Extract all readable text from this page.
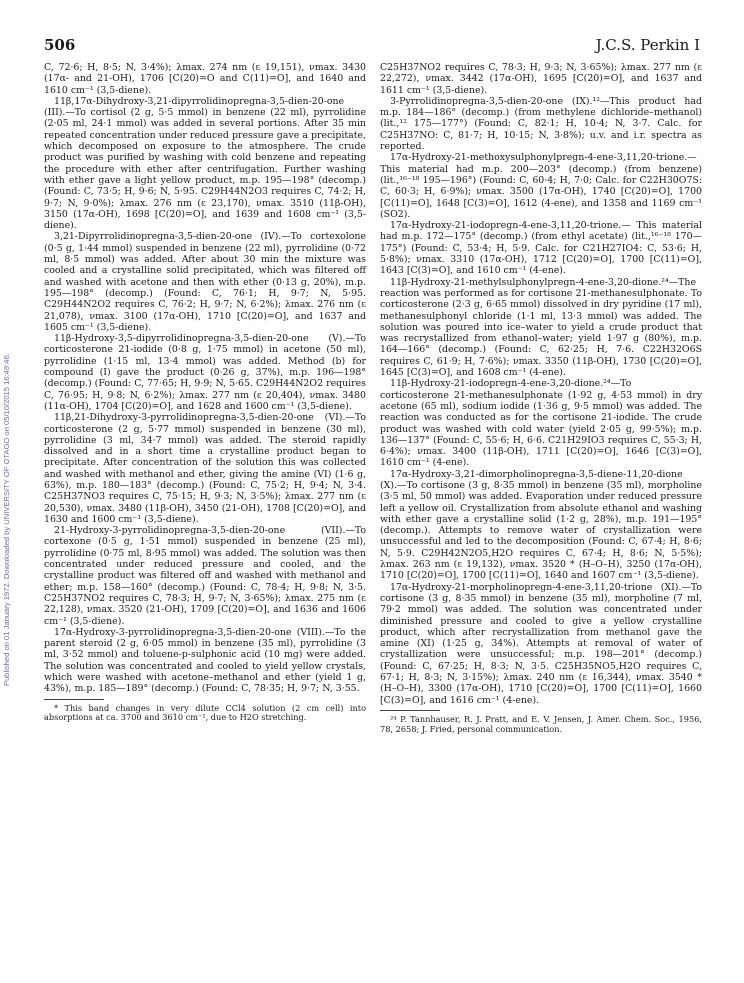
506	J.C.S. Perkin I
Published on 01 January 1972. Downloaded by UNIVERSITY OF OTAGO on 05/10/2015 16:49:46.

C, 72·6; H, 8·5; N, 3·4%); λmax. 274 nm (ε 19,151), νmax. 3430 (17α- and 21-OH), 1706 [C(20)=O and C(11)=O], and 1640 and 1610 cm⁻¹ (3,5-diene).

11β,17α-Dihydroxy-3,21-dipyrrolidinopregna-3,5-dien-20-one (III).—To cortisol (2 g, 5·5 mmol) in benzene (22 ml), pyrrolidine (2·05 ml, 24·1 mmol) was added in several portions. After 35 min repeated concentration under reduced pressure gave a precipitate, which decomposed on exposure to the atmosphere. The crude product was purified by washing with cold benzene and repeating the procedure with ether after centrifugation. Further washing with ether gave a light yellow product, m.p. 195—198° (decomp.) (Found: C, 73·5; H, 9·6; N, 5·95. C29H44N2O3 requires C, 74·2; H, 9·7; N, 9·0%); λmax. 276 nm (ε 23,170), νmax. 3510 (11β-OH), 3150 (17α-OH), 1698 [C(20)=O], and 1639 and 1608 cm⁻¹ (3,5-diene).

3,21-Dipyrrolidinopregna-3,5-dien-20-one (IV).—To cortexolone (0·5 g, 1·44 mmol) suspended in benzene (22 ml), pyrrolidine (0·72 ml, 8·5 mmol) was added. After about 30 min the mixture was cooled and a crystalline solid precipitated, which was filtered off and washed with acetone and then with ether (0·13 g, 20%), m.p. 195—198° (decomp.) (Found: C, 76·1; H, 9·7; N, 5·95. C29H44N2O2 requires C, 76·2; H, 9·7; N, 6·2%); λmax. 276 nm (ε 21,078), νmax. 3100 (17α-OH), 1710 [C(20)=O], and 1637 and 1605 cm⁻¹ (3,5-diene).

11β-Hydroxy-3,5-dipyrrolidinopregna-3,5-dien-20-one (V).—To corticosterone 21-iodide (0·8 g, 1·75 mmol) in acetone (50 ml), pyrrolidine (1·15 ml, 13·4 mmol) was added. Method (b) for compound (I) gave the product (0·26 g, 37%), m.p. 196—198° (decomp.) (Found: C, 77·65; H, 9·9; N, 5·65. C29H44N2O2 requires C, 76·95; H, 9·8; N, 6·2%); λmax. 277 nm (ε 20,404), νmax. 3480 (11α-OH), 1704 [C(20)=O], and 1628 and 1600 cm⁻¹ (3,5-diene).

11β,21-Dihydroxy-3-pyrrolidinopregna-3,5-dien-20-one (VI).—To corticosterone (2 g, 5·77 mmol) suspended in benzene (30 ml), pyrrolidine (3 ml, 34·7 mmol) was added. The steroid rapidly dissolved and in a short time a crystalline product began to precipitate. After concentration of the solution this was collected and washed with methanol and ether, giving the amine (VI) (1·6 g, 63%), m.p. 180—183° (decomp.) (Found: C, 75·2; H, 9·4; N, 3·4. C25H37NO3 requires C, 75·15; H, 9·3; N, 3·5%); λmax. 277 nm (ε 20,530), νmax. 3480 (11β-OH), 3450 (21-OH), 1708 [C(20)=O], and 1630 and 1600 cm⁻¹ (3,5-diene).

21-Hydroxy-3-pyrrolidinopregna-3,5-dien-20-one (VII).—To cortexone (0·5 g, 1·51 mmol) suspended in benzene (25 ml), pyrrolidine (0·75 ml, 8·95 mmol) was added. The solution was then concentrated under reduced pressure and cooled, and the crystalline product was filtered off and washed with methanol and ether; m.p. 158—160° (decomp.) (Found: C, 78·4; H, 9·8; N, 3·5. C25H37NO2 requires C, 78·3; H, 9·7; N, 3·65%); λmax. 275 nm (ε 22,128), νmax. 3520 (21-OH), 1709 [C(20)=O], and 1636 and 1606 cm⁻¹ (3,5-diene).

17α-Hydroxy-3-pyrrolidinopregna-3,5-dien-20-one (VIII).—To the parent steroid (2 g, 6·05 mmol) in benzene (35 ml), pyrrolidine (3 ml, 3·52 mmol) and toluene-p-sulphonic acid (10 mg) were added. The solution was concentrated and cooled to yield yellow crystals, which were washed with acetone–methanol and ether (yield 1 g, 43%), m.p. 185—189° (decomp.) (Found: C, 78·35; H, 9·7; N, 3·55.

* This band changes in very dilute CCl4 solution (2 cm cell) into absorptions at ca. 3700 and 3610 cm⁻¹, due to H2O stretching.

C25H37NO2 requires C, 78·3; H, 9·3; N, 3·65%); λmax. 277 nm (ε 22,272), νmax. 3442 (17α-OH), 1695 [C(20)=O], and 1637 and 1611 cm⁻¹ (3,5-diene).

3-Pyrrolidinopregna-3,5-dien-20-one (IX).¹²—This product had m.p. 184—186° (decomp.) (from methylene dichloride–methanol) (lit.,¹² 175—177°) (Found: C, 82·1; H, 10·4; N, 3·7. Calc. for C25H37NO: C, 81·7; H, 10·15; N, 3·8%); u.v. and i.r. spectra as reported.

17α-Hydroxy-21-methoxysulphonylpregn-4-ene-3,11,20-trione.—This material had m.p. 200—203° (decomp.) (from benzene) (lit.,¹⁶⁻¹⁸ 195—196°) (Found: C, 60·4; H, 7·0; Calc. for C22H30O7S: C, 60·3; H, 6·9%); νmax. 3500 (17α-OH), 1740 [C(20)=O], 1700 [C(11)=O], 1648 [C(3)=O], 1612 (4-ene), and 1358 and 1169 cm⁻¹ (SO2).

17α-Hydroxy-21-iodopregn-4-ene-3,11,20-trione.— This material had m.p. 172—175° (decomp.) (from ethyl acetate) (lit.,¹⁶⁻¹⁸ 170—175°) (Found: C, 53·4; H, 5·9. Calc. for C21H27IO4: C, 53·6; H, 5·8%); νmax. 3310 (17α-OH), 1712 [C(20)=O], 1700 [C(11)=O], 1643 [C(3)=O], and 1610 cm⁻¹ (4-ene).

11β-Hydroxy-21-methylsulphonylpregn-4-ene-3,20-dione.²⁴—The reaction was performed as for cortisone 21-methanesulphonate. To corticosterone (2·3 g, 6·65 mmol) dissolved in dry pyridine (17 ml), methanesulphonyl chloride (1·1 ml, 13·3 mmol) was added. The solution was poured into ice–water to yield a crude product that was recrystallized from ethanol–water; yield 1·97 g (80%), m.p. 164—166° (decomp.) (Found: C, 62·25; H, 7·6. C22H32O6S requires C, 61·9; H, 7·6%); νmax. 3350 (11β-OH), 1730 [C(20)=O], 1645 [C(3)=O], and 1608 cm⁻¹ (4-ene).

11β-Hydroxy-21-iodopregn-4-ene-3,20-dione.²⁴—To corticosterone 21-methanesulphonate (1·92 g, 4·53 mmol) in dry acetone (65 ml), sodium iodide (1·36 g, 9·5 mmol) was added. The reaction was conducted as for the cortisone 21-iodide. The crude product was washed with cold water (yield 2·05 g, 99·5%); m.p. 136—137° (Found: C, 55·6; H, 6·6. C21H29IO3 requires C, 55·3; H, 6·4%); νmax. 3400 (11β-OH), 1711 [C(20)=O], 1646 [C(3)=O], 1610 cm⁻¹ (4-ene).

17α-Hydroxy-3,21-dimorpholinopregna-3,5-diene-11,20-dione (X).—To cortisone (3 g, 8·35 mmol) in benzene (35 ml), morpholine (3·5 ml, 50 mmol) was added. Evaporation under reduced pressure left a yellow oil. Crystallization from absolute ethanol and washing with ether gave a crystalline solid (1·2 g, 28%), m.p. 191—195° (decomp.). Attempts to remove water of crystallization were unsuccessful and led to the decomposition (Found: C, 67·4; H, 8·6; N, 5·9. C29H42N2O5,H2O requires C, 67·4; H, 8·6; N, 5·5%); λmax. 263 nm (ε 19,132), νmax. 3520 * (H–O–H), 3250 (17α-OH), 1710 [C(20)=O], 1700 [C(11)=O], 1640 and 1607 cm⁻¹ (3,5-diene).

17α-Hydroxy-21-morpholinopregn-4-ene-3,11,20-trione (XI).—To cortisone (3 g, 8·35 mmol) in benzene (35 ml), morpholine (7 ml, 79·2 mmol) was added. The solution was concentrated under diminished pressure and cooled to give a yellow crystalline product, which after recrystallization from methanol gave the amine (XI) (1·25 g, 34%). Attempts at removal of water of crystallization were unsuccessful; m.p. 198—201° (decomp.) (Found: C, 67·25; H, 8·3; N, 3·5. C25H35NO5,H2O requires C, 67·1; H, 8·3; N, 3·15%); λmax. 240 nm (ε 16,344), νmax. 3540 * (H–O–H), 3300 (17α-OH), 1710 [C(20)=O], 1700 [C(11)=O], 1660 [C(3)=O], and 1616 cm⁻¹ (4-ene).

²⁴ P. Tannhauser, R. J. Pratt, and E. V. Jensen, J. Amer. Chem. Soc., 1956, 78, 2658; J. Fried, personal communication.
